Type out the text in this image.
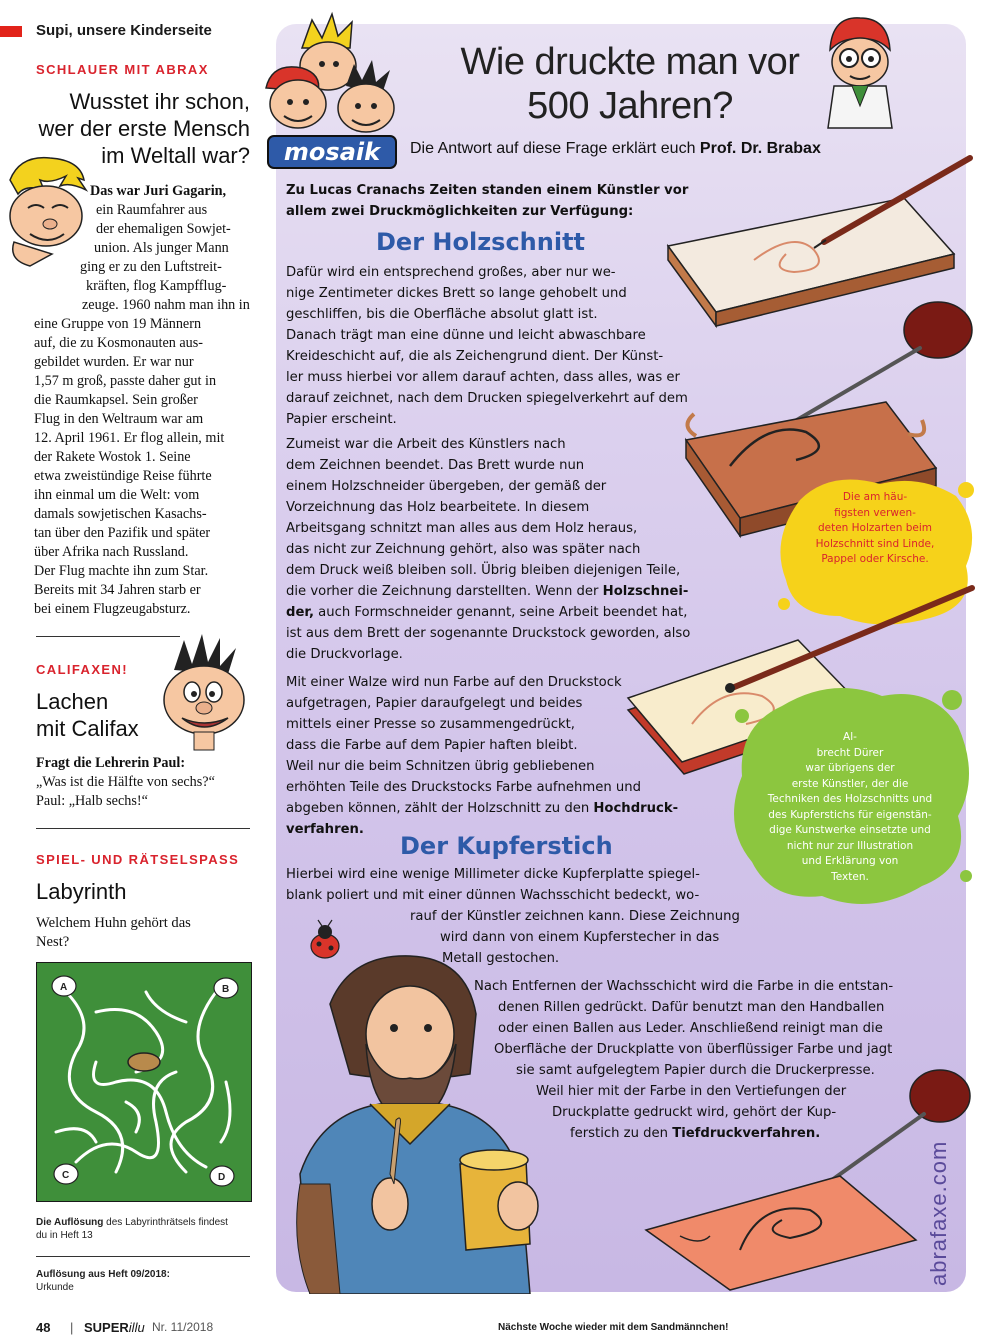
Supi, unsere Kinderseite
SCHLAUER MIT ABRAX
Wusstet ihr schon,
wer der erste Mensch
im Weltall war?
Das war Juri Gagarin,
ein Raumfahrer aus
der ehemaligen Sowjet-
union. Als junger Mann
ging er zu den Luftstreit-
kräften, flog Kampfflug-
zeuge. 1960 nahm man ihn in
eine Gruppe von 19 Männern
auf, die zu Kosmonauten aus-
gebildet wurden. Er war nur
1,57 m groß, passte daher gut in
die Raumkapsel. Sein großer
Flug in den Weltraum war am
12. April 1961. Er flog allein, mit
der Rakete Wostok 1. Seine
etwa zweistündige Reise führte
ihn einmal um die Welt: vom
damals sowjetischen Kasachs-
tan über den Pazifik und später
über Afrika nach Russland.
Der Flug machte ihn zum Star.
Bereits mit 34 Jahren starb er
bei einem Flugzeugabsturz.
CALIFAXEN!
Lachen
mit Califax
Fragt die Lehrerin Paul:
„Was ist die Hälfte von sechs?“
Paul: „Halb sechs!“
SPIEL- UND RÄTSELSPASS
Labyrinth
Welchem Huhn gehört das
Nest?
A	B
C	D
Die Auflösung des Labyrinthrätsels findest
du in Heft 13
Auflösung aus Heft 09/2018:
Urkunde
mosaik
Wie druckte man vor
500 Jahren?
Die Antwort auf diese Frage erklärt euch Prof. Dr. Brabax
Zu Lucas Cranachs Zeiten standen einem Künstler vor
allem zwei Druckmöglichkeiten zur Verfügung:
Der Holzschnitt
Dafür wird ein entsprechend großes, aber nur we-
nige Zentimeter dickes Brett so lange gehobelt und
geschliffen, bis die Oberfläche absolut glatt ist.
Danach trägt man eine dünne und leicht abwaschbare
Kreideschicht auf, die als Zeichengrund dient. Der Künst-
ler muss hierbei vor allem darauf achten, dass alles, was er
darauf zeichnet, nach dem Drucken spiegelverkehrt auf dem
Papier erscheint.
Zumeist war die Arbeit des Künstlers nach
dem Zeichnen beendet. Das Brett wurde nun
einem Holzschneider übergeben, der gemäß der
Vorzeichnung das Holz bearbeitete. In diesem
Arbeitsgang schnitzt man alles aus dem Holz heraus,
das nicht zur Zeichnung gehört, also was später nach
dem Druck weiß bleiben soll. Übrig bleiben diejenigen Teile,
die vorher die Zeichnung darstellten. Wenn der Holzschnei-
der, auch Formschneider genannt, seine Arbeit beendet hat,
ist aus dem Brett der sogenannte Druckstock geworden, also
die Druckvorlage.
Die am häu-
figsten verwen-
deten Holzarten beim
Holzschnitt sind Linde,
Pappel oder Kirsche.
Al-
brecht Dürer
war übrigens der
erste Künstler, der die
Techniken des Holzschnitts und
des Kupferstichs für eigenstän-
dige Kunstwerke einsetzte und
nicht nur zur Illustration
und Erklärung von
Texten.
Mit einer Walze wird nun Farbe auf den Druckstock
aufgetragen, Papier daraufgelegt und beides
mittels einer Presse so zusammengedrückt,
dass die Farbe auf dem Papier haften bleibt.
Weil nur die beim Schnitzen übrig gebliebenen
erhöhten Teile des Druckstocks Farbe aufnehmen und
abgeben können, zählt der Holzschnitt zu den Hochdruck-
verfahren.
Der Kupferstich
Hierbei wird eine wenige Millimeter dicke Kupferplatte spiegel-
blank poliert und mit einer dünnen Wachsschicht bedeckt, wo-
rauf der Künstler zeichnen kann. Diese Zeichnung
wird dann von einem Kupferstecher in das
Metall gestochen.
Nach Entfernen der Wachsschicht wird die Farbe in die entstan-
denen Rillen gedrückt. Dafür benutzt man den Handballen
oder einen Ballen aus Leder. Anschließend reinigt man die
Oberfläche der Druckplatte von überflüssiger Farbe und jagt
sie samt aufgelegtem Papier durch die Druckerpresse.
Weil hier mit der Farbe in den Vertiefungen der
Druckplatte gedruckt wird, gehört der Kup-
ferstich zu den Tiefdruckverfahren.
abrafaxe.com
48 | SUPERillu Nr. 11/2018	Nächste Woche wieder mit dem Sandmännchen!
